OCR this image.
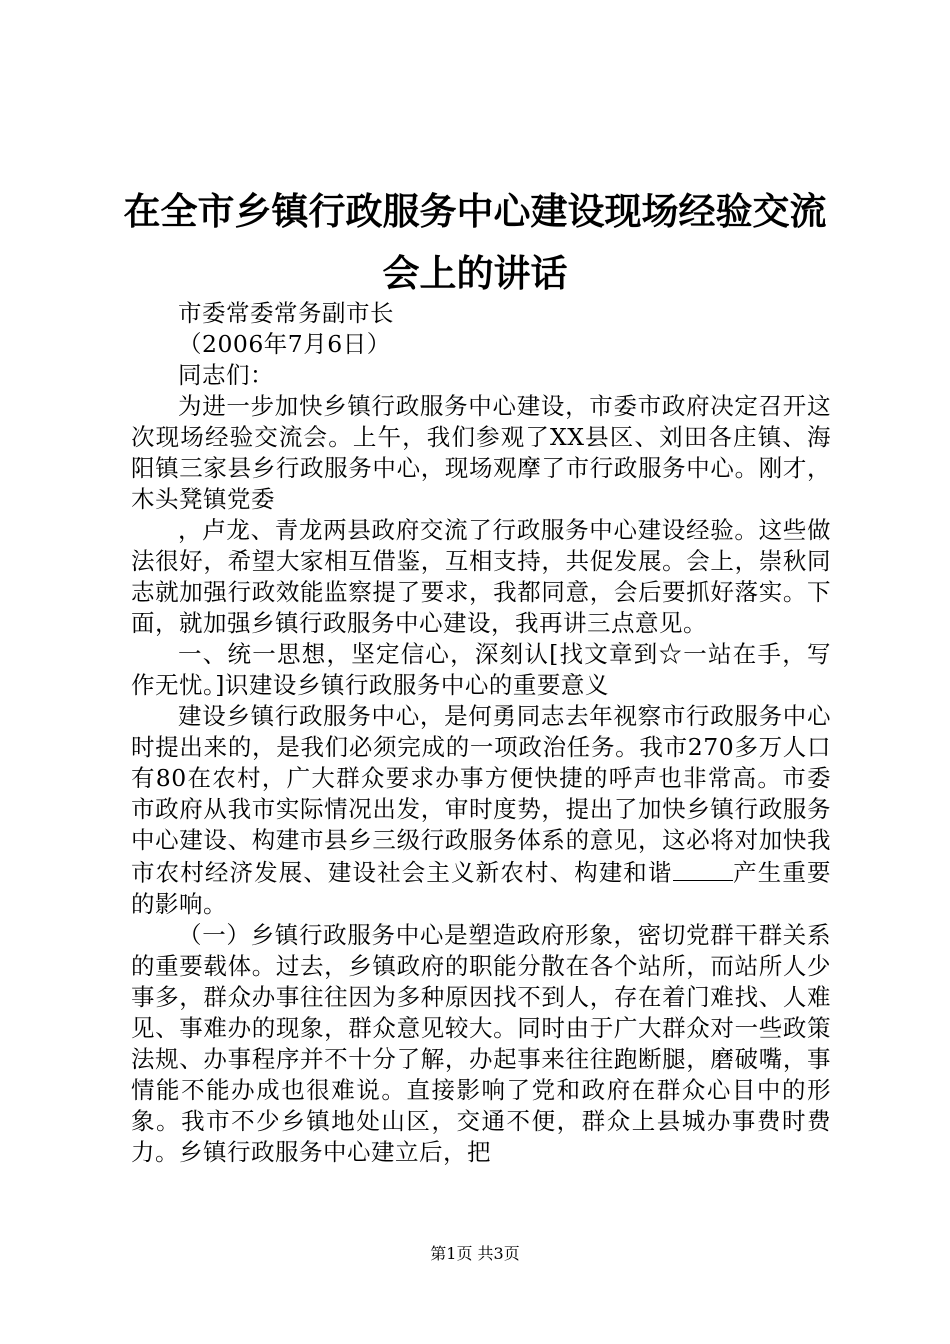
在全市乡镇行政服务中心建设现场经验交流会上的讲话

市委常委常务副市长

（2006年7月6日）

同志们：

为进一步加快乡镇行政服务中心建设，市委市政府决定召开这次现场经验交流会。上午，我们参观了XX县区、刘田各庄镇、海阳镇三家县乡行政服务中心，现场观摩了市行政服务中心。刚才，木头凳镇党委

，卢龙、青龙两县政府交流了行政服务中心建设经验。这些做法很好，希望大家相互借鉴，互相支持，共促发展。会上，崇秋同志就加强行政效能监察提了要求，我都同意，会后要抓好落实。下面，就加强乡镇行政服务中心建设，我再讲三点意见。

一、统一思想，坚定信心，深刻认[找文章到☆一站在手，写作无忧。]识建设乡镇行政服务中心的重要意义

建设乡镇行政服务中心，是何勇同志去年视察市行政服务中心时提出来的，是我们必须完成的一项政治任务。我市270多万人口有80在农村，广大群众要求办事方便快捷的呼声也非常高。市委市政府从我市实际情况出发，审时度势，提出了加快乡镇行政服务中心建设、构建市县乡三级行政服务体系的意见，这必将对加快我市农村经济发展、建设社会主义新农村、构建和谐	产生重要的影响。

（一）乡镇行政服务中心是塑造政府形象，密切党群干群关系的重要载体。过去，乡镇政府的职能分散在各个站所，而站所人少事多，群众办事往往因为多种原因找不到人，存在着门难找、人难见、事难办的现象，群众意见较大。同时由于广大群众对一些政策法规、办事程序并不十分了解，办起事来往往跑断腿，磨破嘴，事情能不能办成也很难说。直接影响了党和政府在群众心目中的形象。我市不少乡镇地处山区，交通不便，群众上县城办事费时费力。乡镇行政服务中心建立后，把

第1页 共3页
